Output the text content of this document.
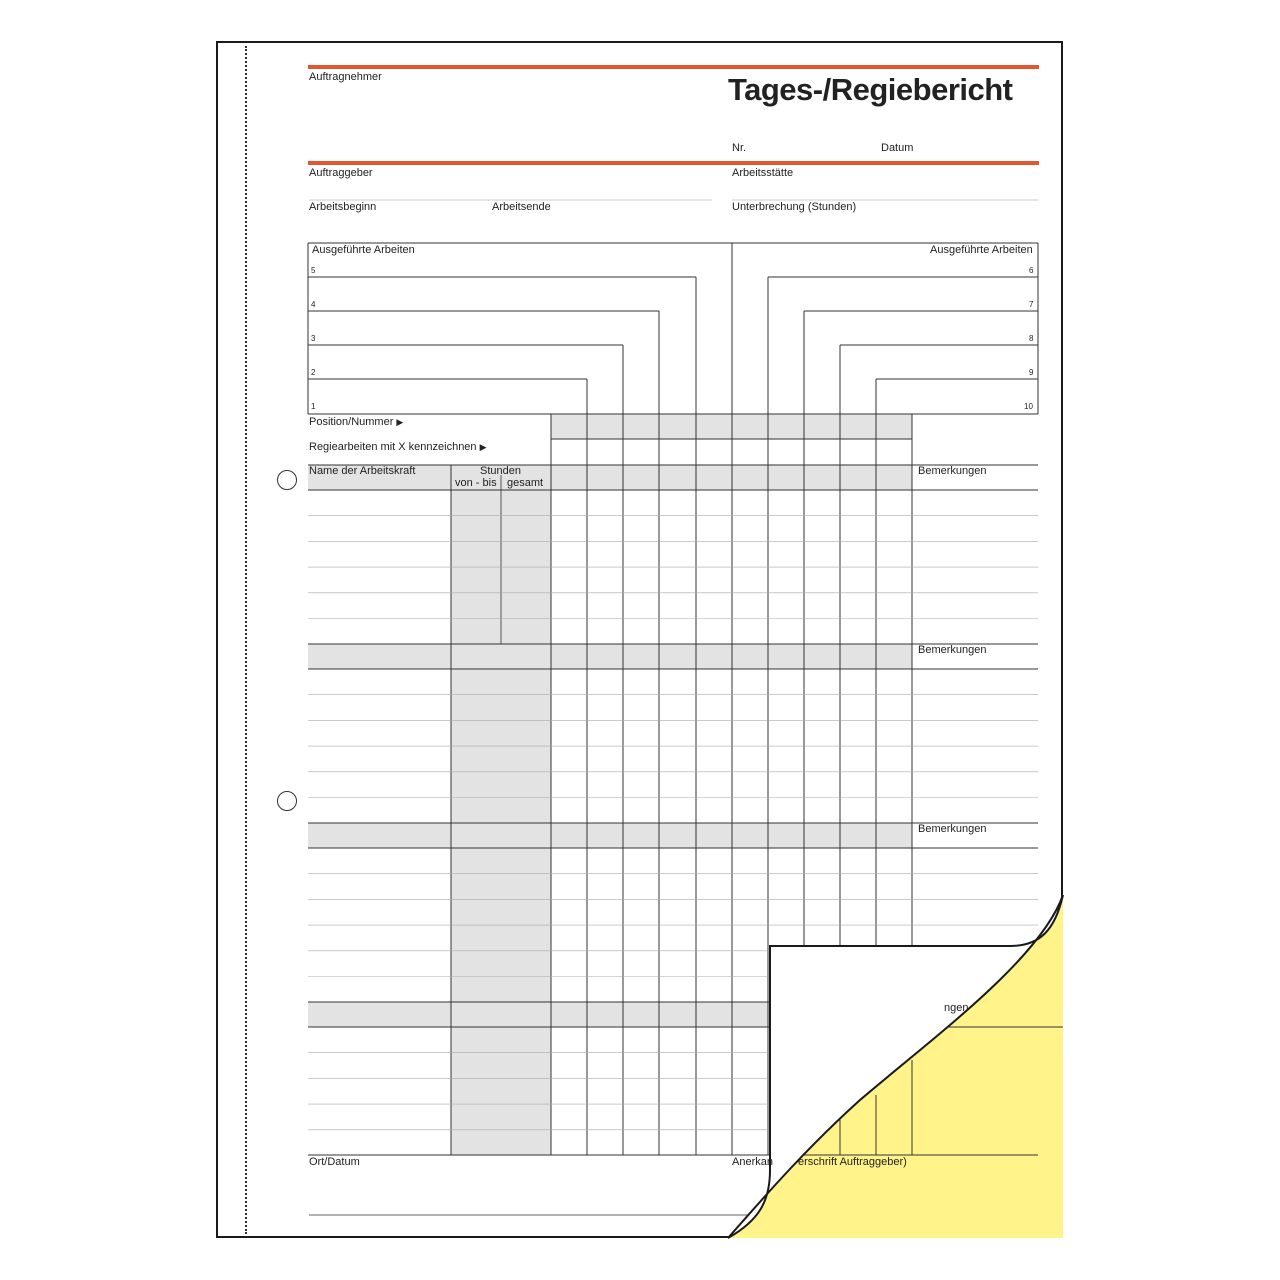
Tages-/Regiebericht
Auftragnehmer
Nr.	Datum
Auftraggeber	Arbeitsstätte
Arbeitsbeginn	Arbeitsende	Unterbrechung (Stunden)
Ausgeführte Arbeiten	Ausgeführte Arbeiten
5
4
3
2
1
6
7
8
9
10
Position/Nummer ▶
Regiearbeiten mit X kennzeichnen ▶
Name der Arbeitskraft	Stunden
von - bis gesamt
Bemerkungen
Bemerkungen
Bemerkungen
Ort/Datum
ngen
Anerkan erschrift Auftraggeber)
